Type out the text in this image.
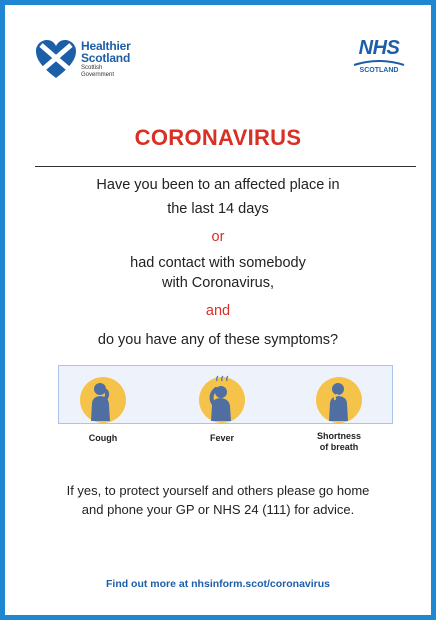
Healthier
Scotland
Scottish
Government
NHS
SCOTLAND
CORONAVIRUS
Have you been to an affected place in
the last 14 days
or
had contact with somebody
with Coronavirus,
and
do you have any of these symptoms?
Cough	Fever	Shortness
of breath
If yes, to protect yourself and others please go home
and phone your GP or NHS 24 (111) for advice.
Find out more at nhsinform.scot/coronavirus
